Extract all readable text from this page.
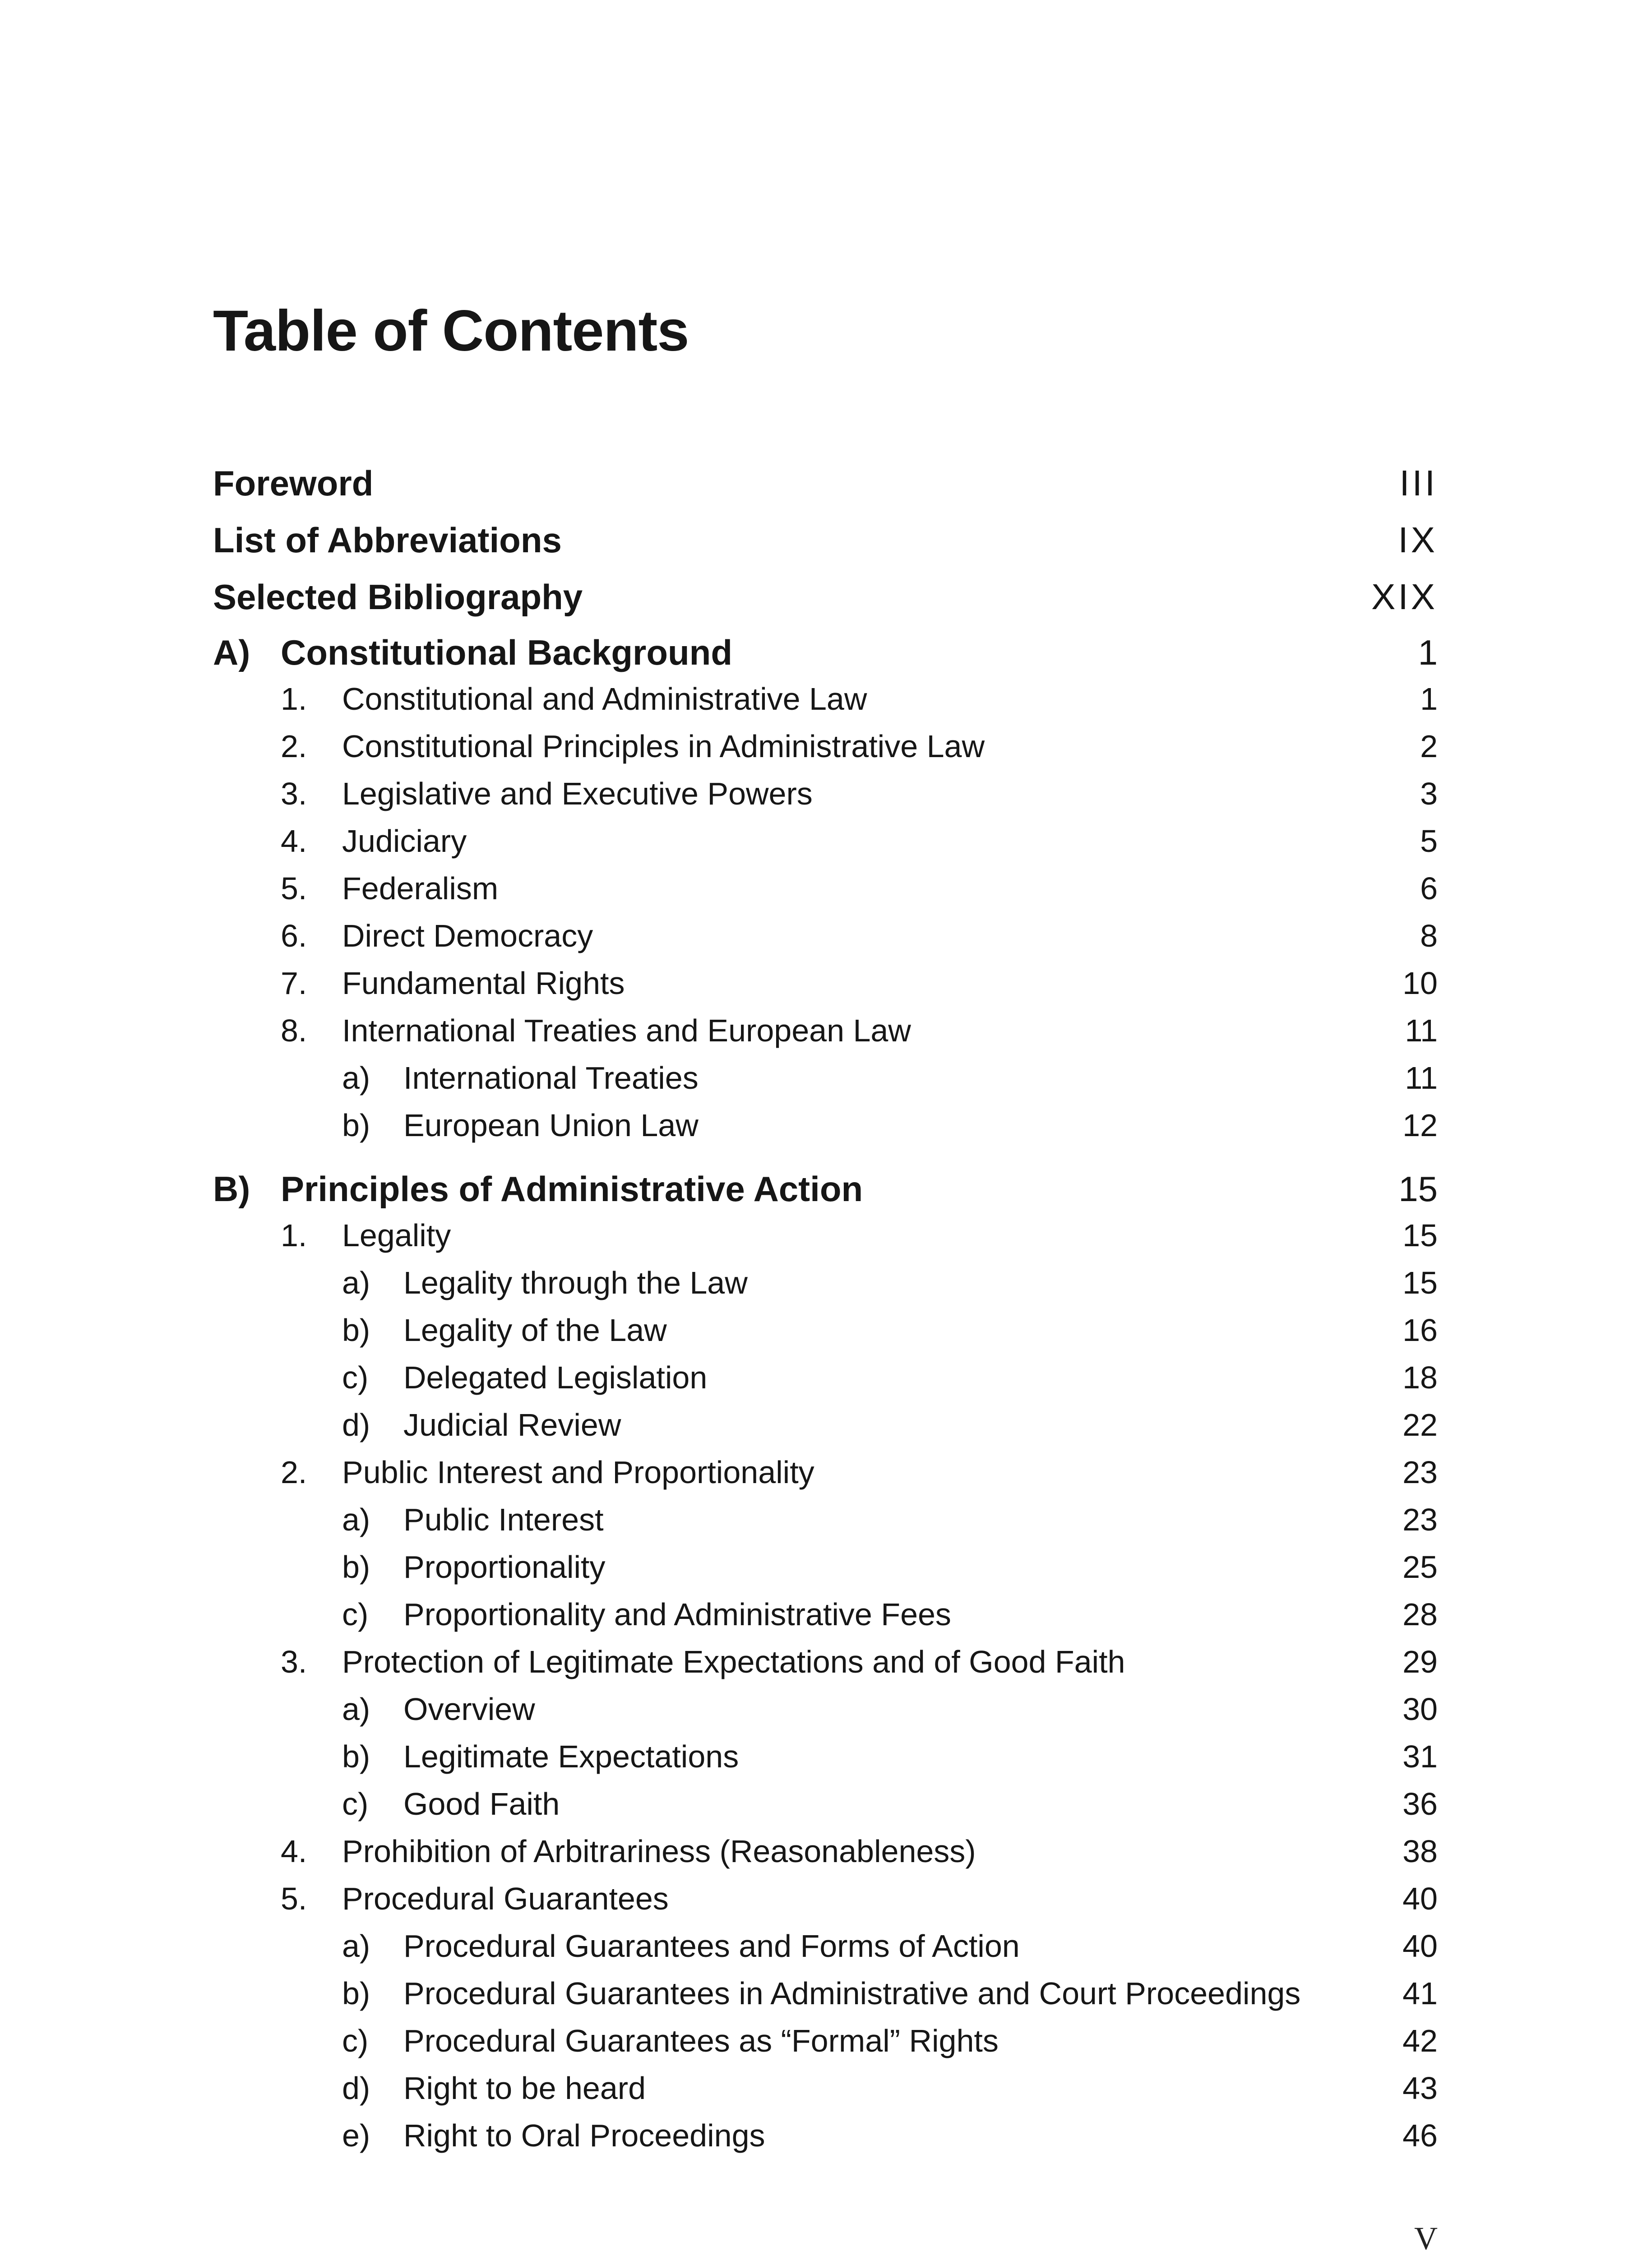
Table of Contents
Foreword	III
List of Abbreviations	IX
Selected Bibliography	XIX
A) Constitutional Background	1
1. Constitutional and Administrative Law	1
2. Constitutional Principles in Administrative Law	2
3. Legislative and Executive Powers	3
4. Judiciary	5
5. Federalism	6
6. Direct Democracy	8
7. Fundamental Rights	10
8. International Treaties and European Law	11
a) International Treaties	11
b) European Union Law	12
B) Principles of Administrative Action	15
1. Legality	15
a) Legality through the Law	15
b) Legality of the Law	16
c) Delegated Legislation	18
d) Judicial Review	22
2. Public Interest and Proportionality	23
a) Public Interest	23
b) Proportionality	25
c) Proportionality and Administrative Fees	28
3. Protection of Legitimate Expectations and of Good Faith	29
a) Overview	30
b) Legitimate Expectations	31
c) Good Faith	36
4. Prohibition of Arbitrariness (Reasonableness)	38
5. Procedural Guarantees	40
a) Procedural Guarantees and Forms of Action	40
b) Procedural Guarantees in Administrative and Court Proceedings	41
c) Procedural Guarantees as “Formal” Rights	42
d) Right to be heard	43
e) Right to Oral Proceedings	46
V
